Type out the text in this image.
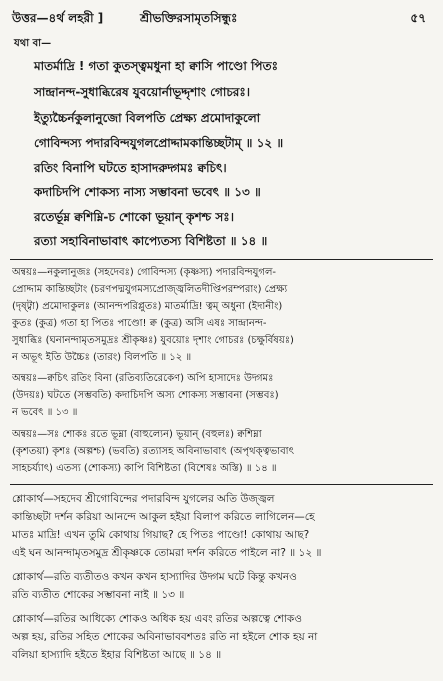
উত্তর—৪র্থ লহরী ]	শ্রীভক্তিরসামৃতসিন্ধুঃ	৫৭
যথা বা—
মাতর্মাদ্রি ! গতা কুতস্ত্বমধুনা হা ক্বাসি পাণ্ডো পিতঃ
সান্দ্রানন্দ-সুধাব্ধিরেষ যুবয়োর্নাভূদ্দৃশাং গোচরঃ।
ইত্যুচ্চৈর্নকুলানুজো বিলপতি প্রেক্ষ্য প্রমোদাকুলো
গোবিন্দস্য পদারবিন্দযুগলপ্রোদ্দামকান্তিচ্ছটাম্ ॥ ১২ ॥
রতিং বিনাপি ঘটতে হাসাদরুদ্গমঃ ক্বচিৎ।
কদাচিদপি শোকস্য নাস্য সম্ভাবনা ভবেৎ ॥ ১৩ ॥
রতের্ভূম্ন ক্বশিম্নি-চ শোকো ভূয়ান্ কৃশশ্চ সঃ।
রত্যা সহাবিনাভাবাৎ কাপ্যেতস্য বিশিষ্টতা ॥ ১৪ ॥
অন্বয়ঃ—নকুলানুজঃ (সহদেবঃ) গোবিন্দস্য (কৃষ্ণস্য) পদারবিন্দযুগল-
প্রোদ্দাম কান্তিচ্ছটাং (চরণপদ্মযুগমস্যপ্রোজ্জ্বলিতদীপ্তিপরম্পরাং) প্রেক্ষ্য
(দৃষ্ট্বা) প্রমোদাকুলঃ (আনন্দপরিপ্লুতঃ) মাতর্মাদ্রি! ত্বম্ অধুনা (ইদানীং)
কুতঃ (কুত্র) গতা হা পিতঃ পাণ্ডো! ক্ব (কুত্র) অসি এষঃ সান্দ্রানন্দ-
সুধাব্ধিঃ (ঘনানন্দামৃতসমুদ্রঃ শ্রীকৃষ্ণঃ) যুবয়োঃ দৃশাং গোচরঃ (চক্ষুর্বিষয়ঃ)
ন অভূৎ ইতি উচ্চৈঃ (তারং) বিলপতি ॥ ১২ ॥
অন্বয়ঃ—ক্বচিৎ রতিং বিনা (রতিব্যতিরেকেণ) অপি হাসাদেঃ উদ্গমঃ
(উদয়ঃ) ঘটতে (সম্ভবতি) কদাচিদপি অস্য শোকস্য সম্ভাবনা (সম্ভবঃ)
ন ভবেৎ ॥ ১৩ ॥
অন্বয়ঃ—সঃ শোকঃ রতে ভূম্না (বাহুল্যেন) ভূয়ান্ (বহুলঃ) ক্বশিম্না
(কৃশতয়া) কৃশঃ (অল্পশ্চ) (ভবতি) রত্যাসহ অবিনাভাবাৎ (অপৃথক্ত্বভাবাৎ
সাহচর্য্যাৎ) এতস্য (শোকস্য) কাপি বিশিষ্টতা (বিশেষঃ অস্তি) ॥ ১৪ ॥
শ্লোকার্থ—সহদেব শ্রীগোবিন্দের পদারবিন্দ যুগলের অতি উজ্জ্বল
কান্তিচ্ছটা দর্শন করিয়া আনন্দে আকুল হইয়া বিলাপ করিতে লাগিলেন—হে
মাতঃ মাদ্রি! এখন তুমি কোথায় গিয়াছ? হে পিতঃ পাণ্ডো! কোথায় আছ?
এই ঘন আনন্দামৃতসমুদ্র শ্রীকৃষ্ণকে তোমরা দর্শন করিতে পাইলে না? ॥ ১২ ॥
শ্লোকার্থ—রতি ব্যতীতও কখন কখন হাস্যাদির উদ্গম ঘটে কিন্তু কখনও
রতি ব্যতীত শোকের সম্ভাবনা নাই ॥ ১৩ ॥
শ্লোকার্থ—রতির আধিক্যে শোকও অধিক হয় এবং রতির অল্পত্বে শোকও
অল্প হয়, রতির সহিত শোকের অবিনাভাববশতঃ রতি না হইলে শোক হয় না
বলিয়া হাস্যাদি হইতে ইহার বিশিষ্টতা আছে ॥ ১৪ ॥
